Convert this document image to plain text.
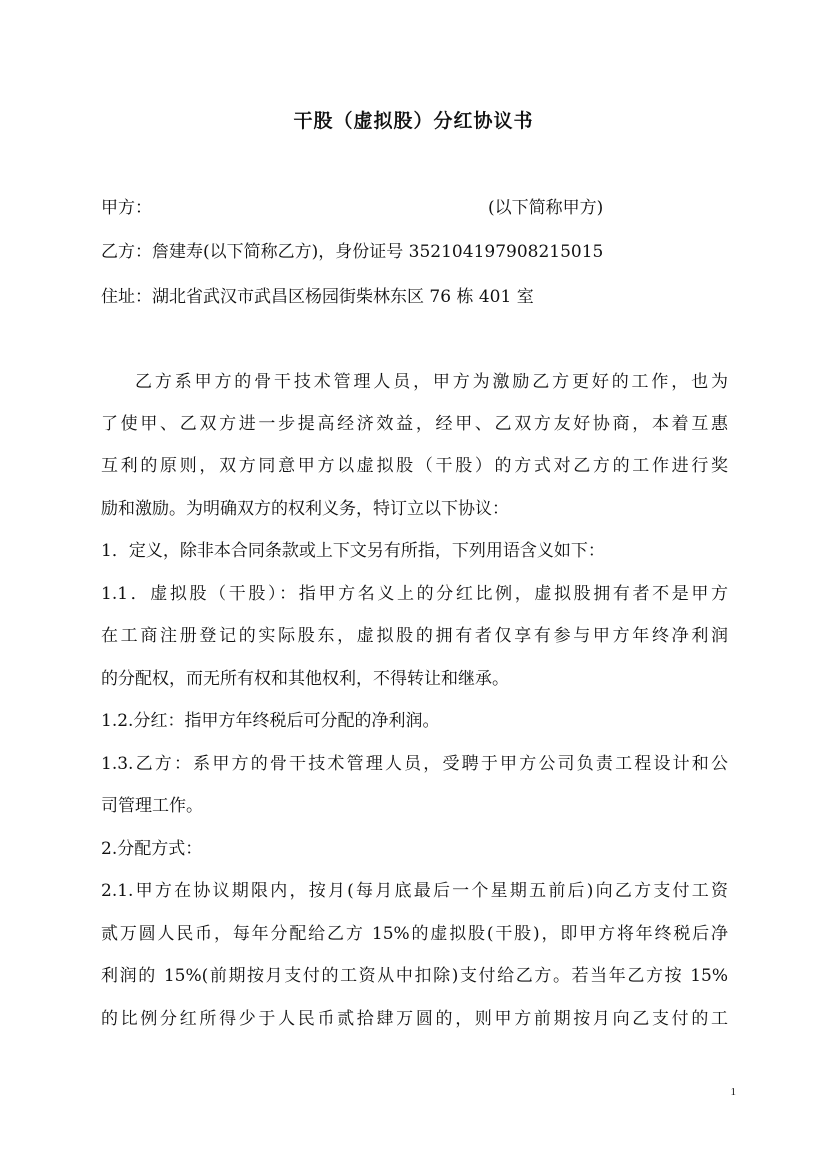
干股（虚拟股）分红协议书
甲方：	(以下简称甲方)
乙方：詹建寿(以下简称乙方)，身份证号 352104197908215015
住址：湖北省武汉市武昌区杨园街柴林东区 76 栋 401 室
乙方系甲方的骨干技术管理人员，甲方为激励乙方更好的工作，也为
了使甲、乙双方进一步提高经济效益，经甲、乙双方友好协商，本着互惠
互利的原则，双方同意甲方以虚拟股（干股）的方式对乙方的工作进行奖
励和激励。为明确双方的权利义务，特订立以下协议：
1．定义，除非本合同条款或上下文另有所指，下列用语含义如下：
1.1．虚拟股（干股）：指甲方名义上的分红比例，虚拟股拥有者不是甲方
在工商注册登记的实际股东，虚拟股的拥有者仅享有参与甲方年终净利润
的分配权，而无所有权和其他权利，不得转让和继承。
1.2.分红：指甲方年终税后可分配的净利润。
1.3.乙方：系甲方的骨干技术管理人员，受聘于甲方公司负责工程设计和公
司管理工作。
2.分配方式：
2.1.甲方在协议期限内，按月(每月底最后一个星期五前后)向乙方支付工资
贰万圆人民币，每年分配给乙方 15%的虚拟股(干股)，即甲方将年终税后净
利润的 15%(前期按月支付的工资从中扣除)支付给乙方。若当年乙方按 15%
的比例分红所得少于人民币贰拾肆万圆的，则甲方前期按月向乙支付的工
1
